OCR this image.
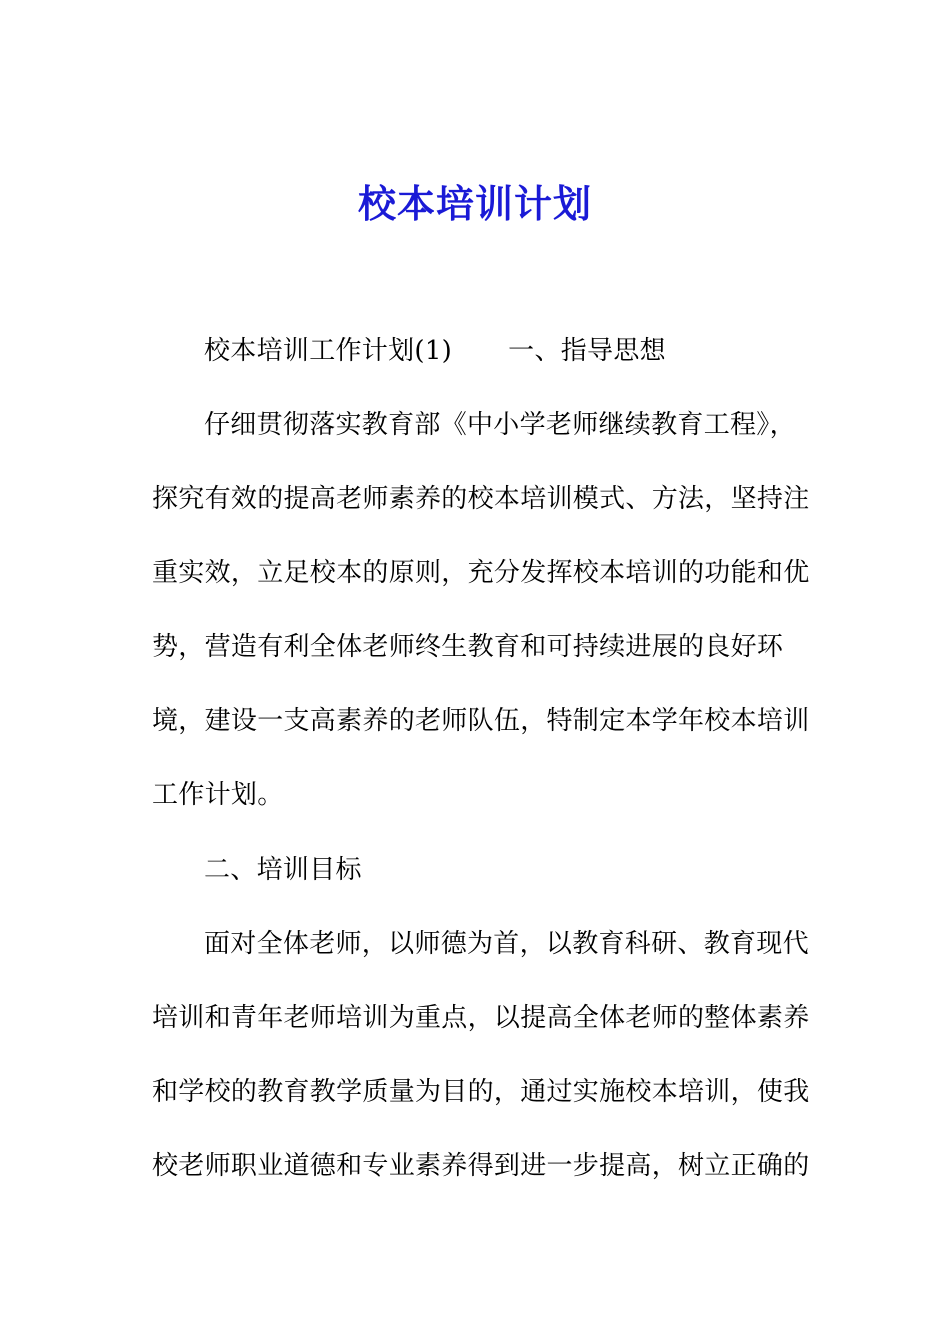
校本培训计划
校本培训工作计划(1) 一、指导思想
仔细贯彻落实教育部《中小学老师继续教育工程》，
探究有效的提高老师素养的校本培训模式、方法，坚持注
重实效，立足校本的原则，充分发挥校本培训的功能和优
势，营造有利全体老师终生教育和可持续进展的良好环
境，建设一支高素养的老师队伍，特制定本学年校本培训
工作计划。
二、培训目标
面对全体老师，以师德为首，以教育科研、教育现代
培训和青年老师培训为重点，以提高全体老师的整体素养
和学校的教育教学质量为目的，通过实施校本培训，使我
校老师职业道德和专业素养得到进一步提高，树立正确的
